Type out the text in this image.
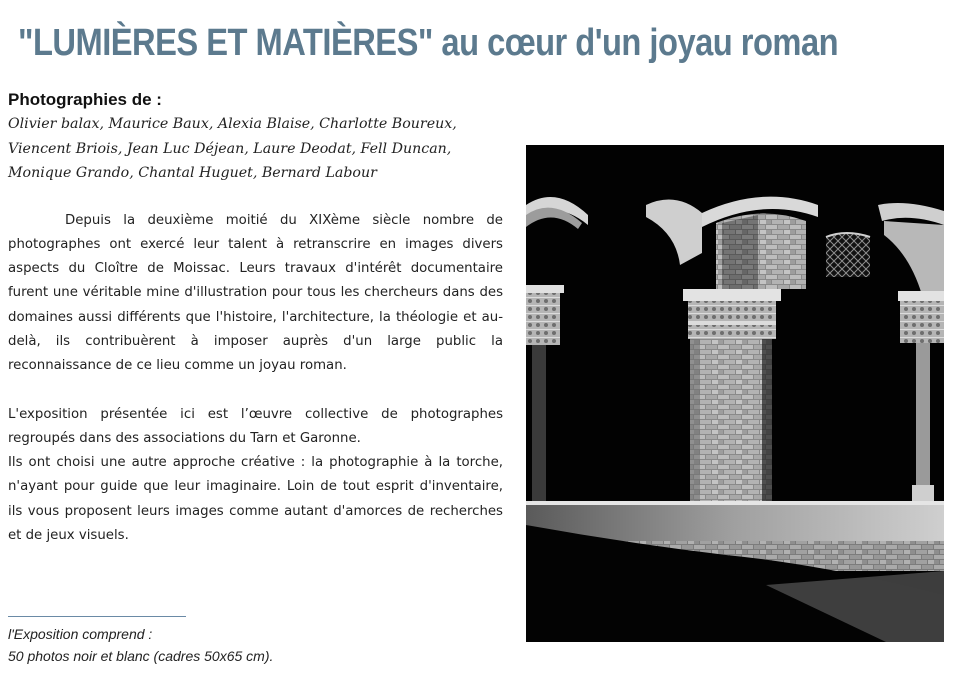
"LUMIÈRES ET MATIÈRES" au cœur d'un joyau roman

Photographies de :

Olivier balax, Maurice Baux, Alexia Blaise, Charlotte Boureux,
Viencent Briois, Jean Luc Déjean, Laure Deodat, Fell Duncan,
Monique Grando, Chantal Huguet, Bernard Labour

Depuis la deuxième moitié du XIXème siècle nombre de photographes ont exercé leur talent à retranscrire en images divers aspects du Cloître de Moissac. Leurs travaux d'intérêt documentaire furent une véritable mine d'illustration pour tous les chercheurs dans des domaines aussi différents que l'histoire, l'architecture, la théologie et au-delà, ils contribuèrent à imposer auprès d'un large public la reconnaissance de ce lieu comme un joyau roman.

L'exposition présentée ici est l’œuvre collective de photographes regroupés dans des associations du Tarn et Garonne.

Ils ont choisi une autre approche créative : la photographie à la torche, n'ayant pour guide que leur imaginaire. Loin de tout esprit d'inventaire, ils vous proposent leurs images comme autant d'amorces de recherches et de jeux visuels.

l'Exposition comprend :

50 photos noir et blanc (cadres 50x65 cm).
